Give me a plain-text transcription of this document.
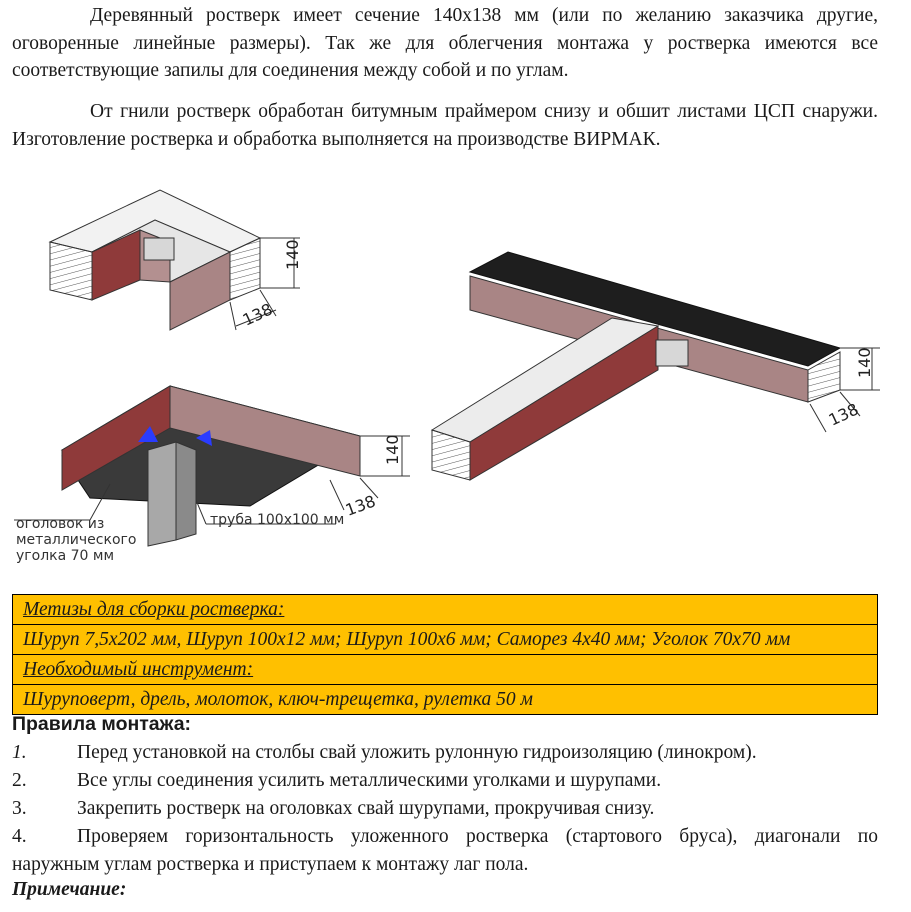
Деревянный ростверк имеет сечение 140х138 мм (или по желанию заказчика другие, оговоренные линейные размеры). Так же для облегчения монтажа у ростверка имеются все соответствующие запилы для соединения между собой и по углам.

От гнили ростверк обработан битумным праймером снизу и обшит листами ЦСП снаружи. Изготовление ростверка и обработка выполняется на производстве ВИРМАК.

140
138
140
138
оголовок из
металлического
уголка 70 мм
труба 100х100 мм
140
138
Метизы для сборки ростверка:
Шуруп 7,5х202 мм, Шуруп 100х12 мм; Шуруп 100х6 мм; Саморез 4х40 мм; Уголок 70х70 мм
Необходимый инструмент:
Шуруповерт, дрель, молоток, ключ-трещетка, рулетка 50 м

Правила монтажа:

1.	Перед установкой на столбы свай уложить рулонную гидроизоляцию (линокром).

2.	Все углы соединения усилить металлическими уголками и шурупами.

3.	Закрепить ростверк на оголовках свай шурупами, прокручивая снизу.

4.	Проверяем горизонтальность уложенного ростверка (стартового бруса), диагонали по наружным углам ростверка и приступаем к монтажу лаг пола.

Примечание:
